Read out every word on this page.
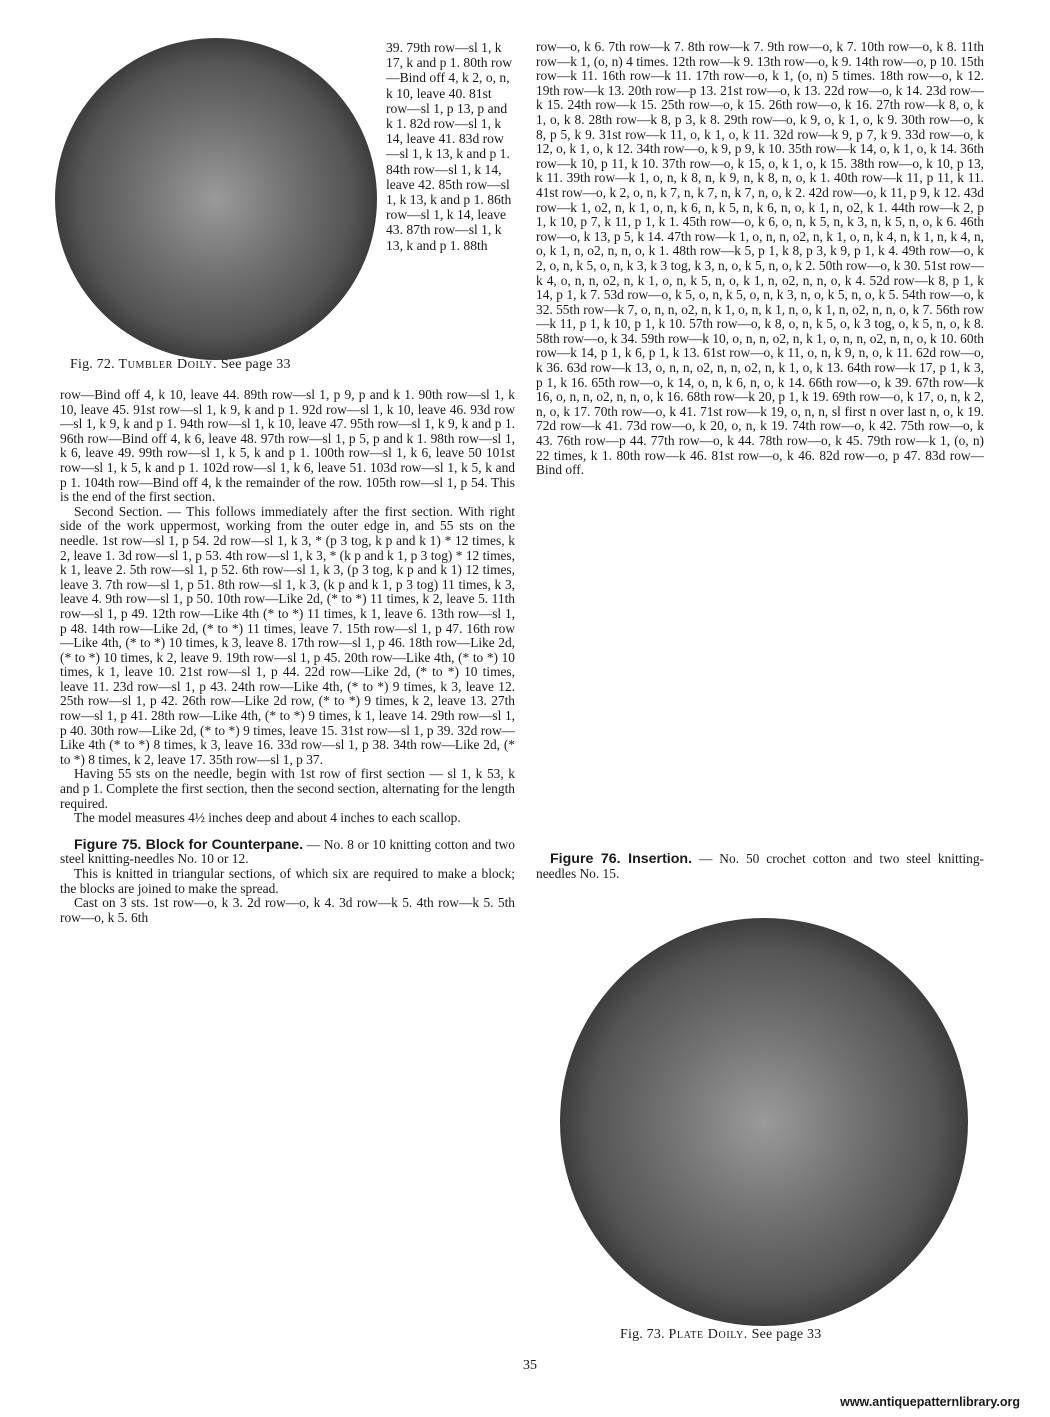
Fig. 72. Tumbler Doily. See page 33

39. 79th row—sl 1, k 17, k and p 1. 80th row—Bind off 4, k 2, o, n, k 10, leave 40. 81st row—sl 1, p 13, p and k 1. 82d row—sl 1, k 14, leave 41. 83d row—sl 1, k 13, k and p 1. 84th row—sl 1, k 14, leave 42. 85th row—sl 1, k 13, k and p 1. 86th row—sl 1, k 14, leave 43. 87th row—sl 1, k 13, k and p 1. 88th

row—Bind off 4, k 10, leave 44. 89th row—sl 1, p 9, p and k 1. 90th row—sl 1, k 10, leave 45. 91st row—sl 1, k 9, k and p 1. 92d row—sl 1, k 10, leave 46. 93d row—sl 1, k 9, k and p 1. 94th row—sl 1, k 10, leave 47. 95th row—sl 1, k 9, k and p 1. 96th row—Bind off 4, k 6, leave 48. 97th row—sl 1, p 5, p and k 1. 98th row—sl 1, k 6, leave 49. 99th row—sl 1, k 5, k and p 1. 100th row—sl 1, k 6, leave 50 101st row—sl 1, k 5, k and p 1. 102d row—sl 1, k 6, leave 51. 103d row—sl 1, k 5, k and p 1. 104th row—Bind off 4, k the remainder of the row. 105th row—sl 1, p 54. This is the end of the first section.

Second Section. — This follows immediately after the first section. With right side of the work uppermost, working from the outer edge in, and 55 sts on the needle. 1st row—sl 1, p 54. 2d row—sl 1, k 3, * (p 3 tog, k p and k 1) * 12 times, k 2, leave 1. 3d row—sl 1, p 53. 4th row—sl 1, k 3, * (k p and k 1, p 3 tog) * 12 times, k 1, leave 2. 5th row—sl 1, p 52. 6th row—sl 1, k 3, (p 3 tog, k p and k 1) 12 times, leave 3. 7th row—sl 1, p 51. 8th row—sl 1, k 3, (k p and k 1, p 3 tog) 11 times, k 3, leave 4. 9th row—sl 1, p 50. 10th row—Like 2d, (* to *) 11 times, k 2, leave 5. 11th row—sl 1, p 49. 12th row—Like 4th (* to *) 11 times, k 1, leave 6. 13th row—sl 1, p 48. 14th row—Like 2d, (* to *) 11 times, leave 7. 15th row—sl 1, p 47. 16th row—Like 4th, (* to *) 10 times, k 3, leave 8. 17th row—sl 1, p 46. 18th row—Like 2d, (* to *) 10 times, k 2, leave 9. 19th row—sl 1, p 45. 20th row—Like 4th, (* to *) 10 times, k 1, leave 10. 21st row—sl 1, p 44. 22d row—Like 2d, (* to *) 10 times, leave 11. 23d row—sl 1, p 43. 24th row—Like 4th, (* to *) 9 times, k 3, leave 12. 25th row—sl 1, p 42. 26th row—Like 2d row, (* to *) 9 times, k 2, leave 13. 27th row—sl 1, p 41. 28th row—Like 4th, (* to *) 9 times, k 1, leave 14. 29th row—sl 1, p 40. 30th row—Like 2d, (* to *) 9 times, leave 15. 31st row—sl 1, p 39. 32d row—Like 4th (* to *) 8 times, k 3, leave 16. 33d row—sl 1, p 38. 34th row—Like 2d, (* to *) 8 times, k 2, leave 17. 35th row—sl 1, p 37.

Having 55 sts on the needle, begin with 1st row of first section — sl 1, k 53, k and p 1. Complete the first section, then the second section, alternating for the length required.

The model measures 4½ inches deep and about 4 inches to each scallop.

Figure 75. Block for Counterpane. — No. 8 or 10 knitting cotton and two steel knitting-needles No. 10 or 12.

This is knitted in triangular sections, of which six are required to make a block; the blocks are joined to make the spread.

Cast on 3 sts. 1st row—o, k 3. 2d row—o, k 4. 3d row—k 5. 4th row—k 5. 5th row—o, k 5. 6th

row—o, k 6. 7th row—k 7. 8th row—k 7. 9th row—o, k 7. 10th row—o, k 8. 11th row—k 1, (o, n) 4 times. 12th row—k 9. 13th row—o, k 9. 14th row—o, p 10. 15th row—k 11. 16th row—k 11. 17th row—o, k 1, (o, n) 5 times. 18th row—o, k 12. 19th row—k 13. 20th row—p 13. 21st row—o, k 13. 22d row—o, k 14. 23d row—k 15. 24th row—k 15. 25th row—o, k 15. 26th row—o, k 16. 27th row—k 8, o, k 1, o, k 8. 28th row—k 8, p 3, k 8. 29th row—o, k 9, o, k 1, o, k 9. 30th row—o, k 8, p 5, k 9. 31st row—k 11, o, k 1, o, k 11. 32d row—k 9, p 7, k 9. 33d row—o, k 12, o, k 1, o, k 12. 34th row—o, k 9, p 9, k 10. 35th row—k 14, o, k 1, o, k 14. 36th row—k 10, p 11, k 10. 37th row—o, k 15, o, k 1, o, k 15. 38th row—o, k 10, p 13, k 11. 39th row—k 1, o, n, k 8, n, k 9, n, k 8, n, o, k 1. 40th row—k 11, p 11, k 11. 41st row—o, k 2, o, n, k 7, n, k 7, n, k 7, n, o, k 2. 42d row—o, k 11, p 9, k 12. 43d row—k 1, o2, n, k 1, o, n, k 6, n, k 5, n, k 6, n, o, k 1, n, o2, k 1. 44th row—k 2, p 1, k 10, p 7, k 11, p 1, k 1. 45th row—o, k 6, o, n, k 5, n, k 3, n, k 5, n, o, k 6. 46th row—o, k 13, p 5, k 14. 47th row—k 1, o, n, n, o2, n, k 1, o, n, k 4, n, k 1, n, k 4, n, o, k 1, n, o2, n, n, o, k 1. 48th row—k 5, p 1, k 8, p 3, k 9, p 1, k 4. 49th row—o, k 2, o, n, k 5, o, n, k 3, k 3 tog, k 3, n, o, k 5, n, o, k 2. 50th row—o, k 30. 51st row—k 4, o, n, n, o2, n, k 1, o, n, k 5, n, o, k 1, n, o2, n, n, o, k 4. 52d row—k 8, p 1, k 14, p 1, k 7. 53d row—o, k 5, o, n, k 5, o, n, k 3, n, o, k 5, n, o, k 5. 54th row—o, k 32. 55th row—k 7, o, n, n, o2, n, k 1, o, n, k 1, n, o, k 1, n, o2, n, n, o, k 7. 56th row—k 11, p 1, k 10, p 1, k 10. 57th row—o, k 8, o, n, k 5, o, k 3 tog, o, k 5, n, o, k 8. 58th row—o, k 34. 59th row—k 10, o, n, n, o2, n, k 1, o, n, n, o2, n, n, o, k 10. 60th row—k 14, p 1, k 6, p 1, k 13. 61st row—o, k 11, o, n, k 9, n, o, k 11. 62d row—o, k 36. 63d row—k 13, o, n, n, o2, n, n, o2, n, k 1, o, k 13. 64th row—k 17, p 1, k 3, p 1, k 16. 65th row—o, k 14, o, n, k 6, n, o, k 14. 66th row—o, k 39. 67th row—k 16, o, n, n, o2, n, n, o, k 16. 68th row—k 20, p 1, k 19. 69th row—o, k 17, o, n, k 2, n, o, k 17. 70th row—o, k 41. 71st row—k 19, o, n, n, sl first n over last n, o, k 19. 72d row—k 41. 73d row—o, k 20, o, n, k 19. 74th row—o, k 42. 75th row—o, k 43. 76th row—p 44. 77th row—o, k 44. 78th row—o, k 45. 79th row—k 1, (o, n) 22 times, k 1. 80th row—k 46. 81st row—o, k 46. 82d row—o, p 47. 83d row—Bind off.

Figure 76. Insertion. — No. 50 crochet cotton and two steel knitting-needles No. 15.

Fig. 73. Plate Doily. See page 33
35
www.antiquepatternlibrary.org
